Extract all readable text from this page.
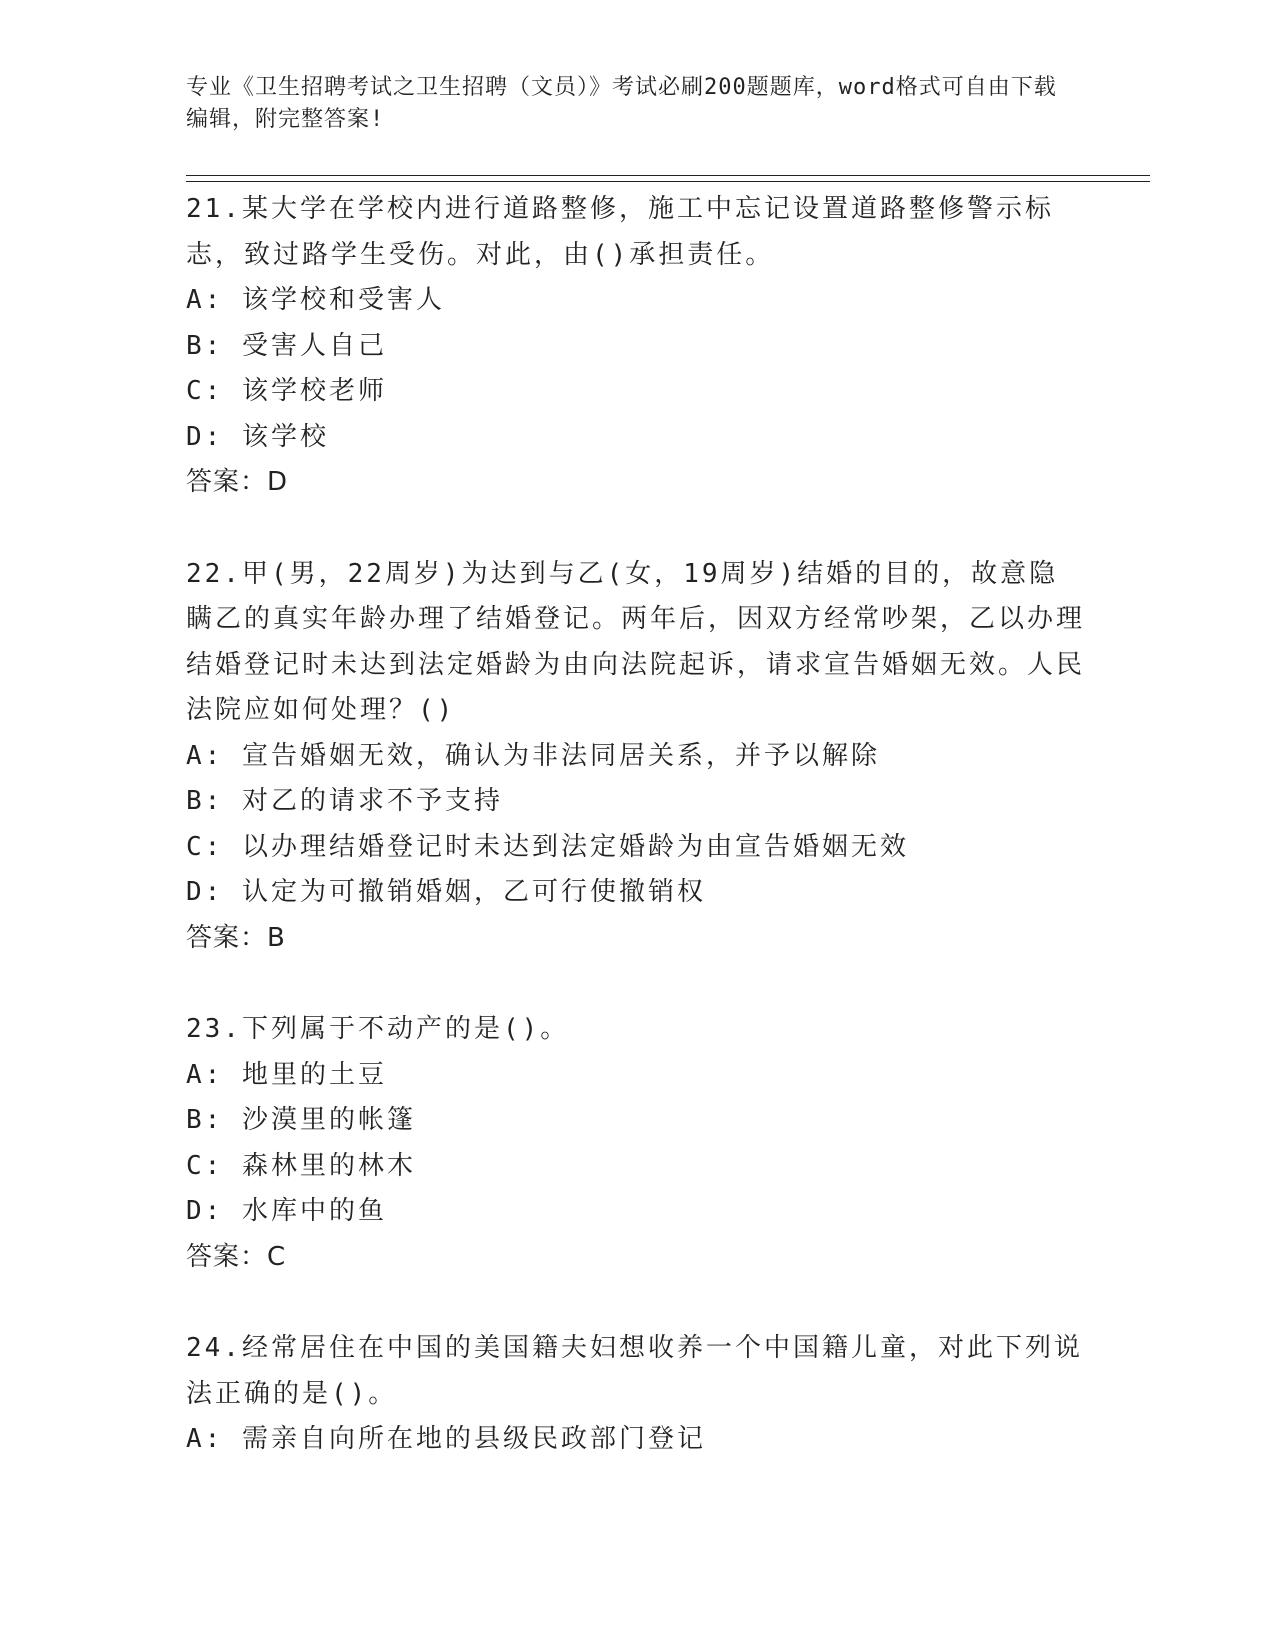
专业《卫生招聘考试之卫生招聘（文员）》考试必刷200题题库，word格式可自由下载编辑，附完整答案!

21.某大学在学校内进行道路整修，施工中忘记设置道路整修警示标志，致过路学生受伤。对此，由()承担责任。

A: 该学校和受害人

B: 受害人自己

C: 该学校老师

D: 该学校

答案：D

22.甲(男，22周岁)为达到与乙(女，19周岁)结婚的目的，故意隐瞒乙的真实年龄办理了结婚登记。两年后，因双方经常吵架，乙以办理结婚登记时未达到法定婚龄为由向法院起诉，请求宣告婚姻无效。人民法院应如何处理？()

A: 宣告婚姻无效，确认为非法同居关系，并予以解除

B: 对乙的请求不予支持

C: 以办理结婚登记时未达到法定婚龄为由宣告婚姻无效

D: 认定为可撤销婚姻，乙可行使撤销权

答案：B

23.下列属于不动产的是()。

A: 地里的土豆

B: 沙漠里的帐篷

C: 森林里的林木

D: 水库中的鱼

答案：C

24.经常居住在中国的美国籍夫妇想收养一个中国籍儿童，对此下列说法正确的是()。

A: 需亲自向所在地的县级民政部门登记
